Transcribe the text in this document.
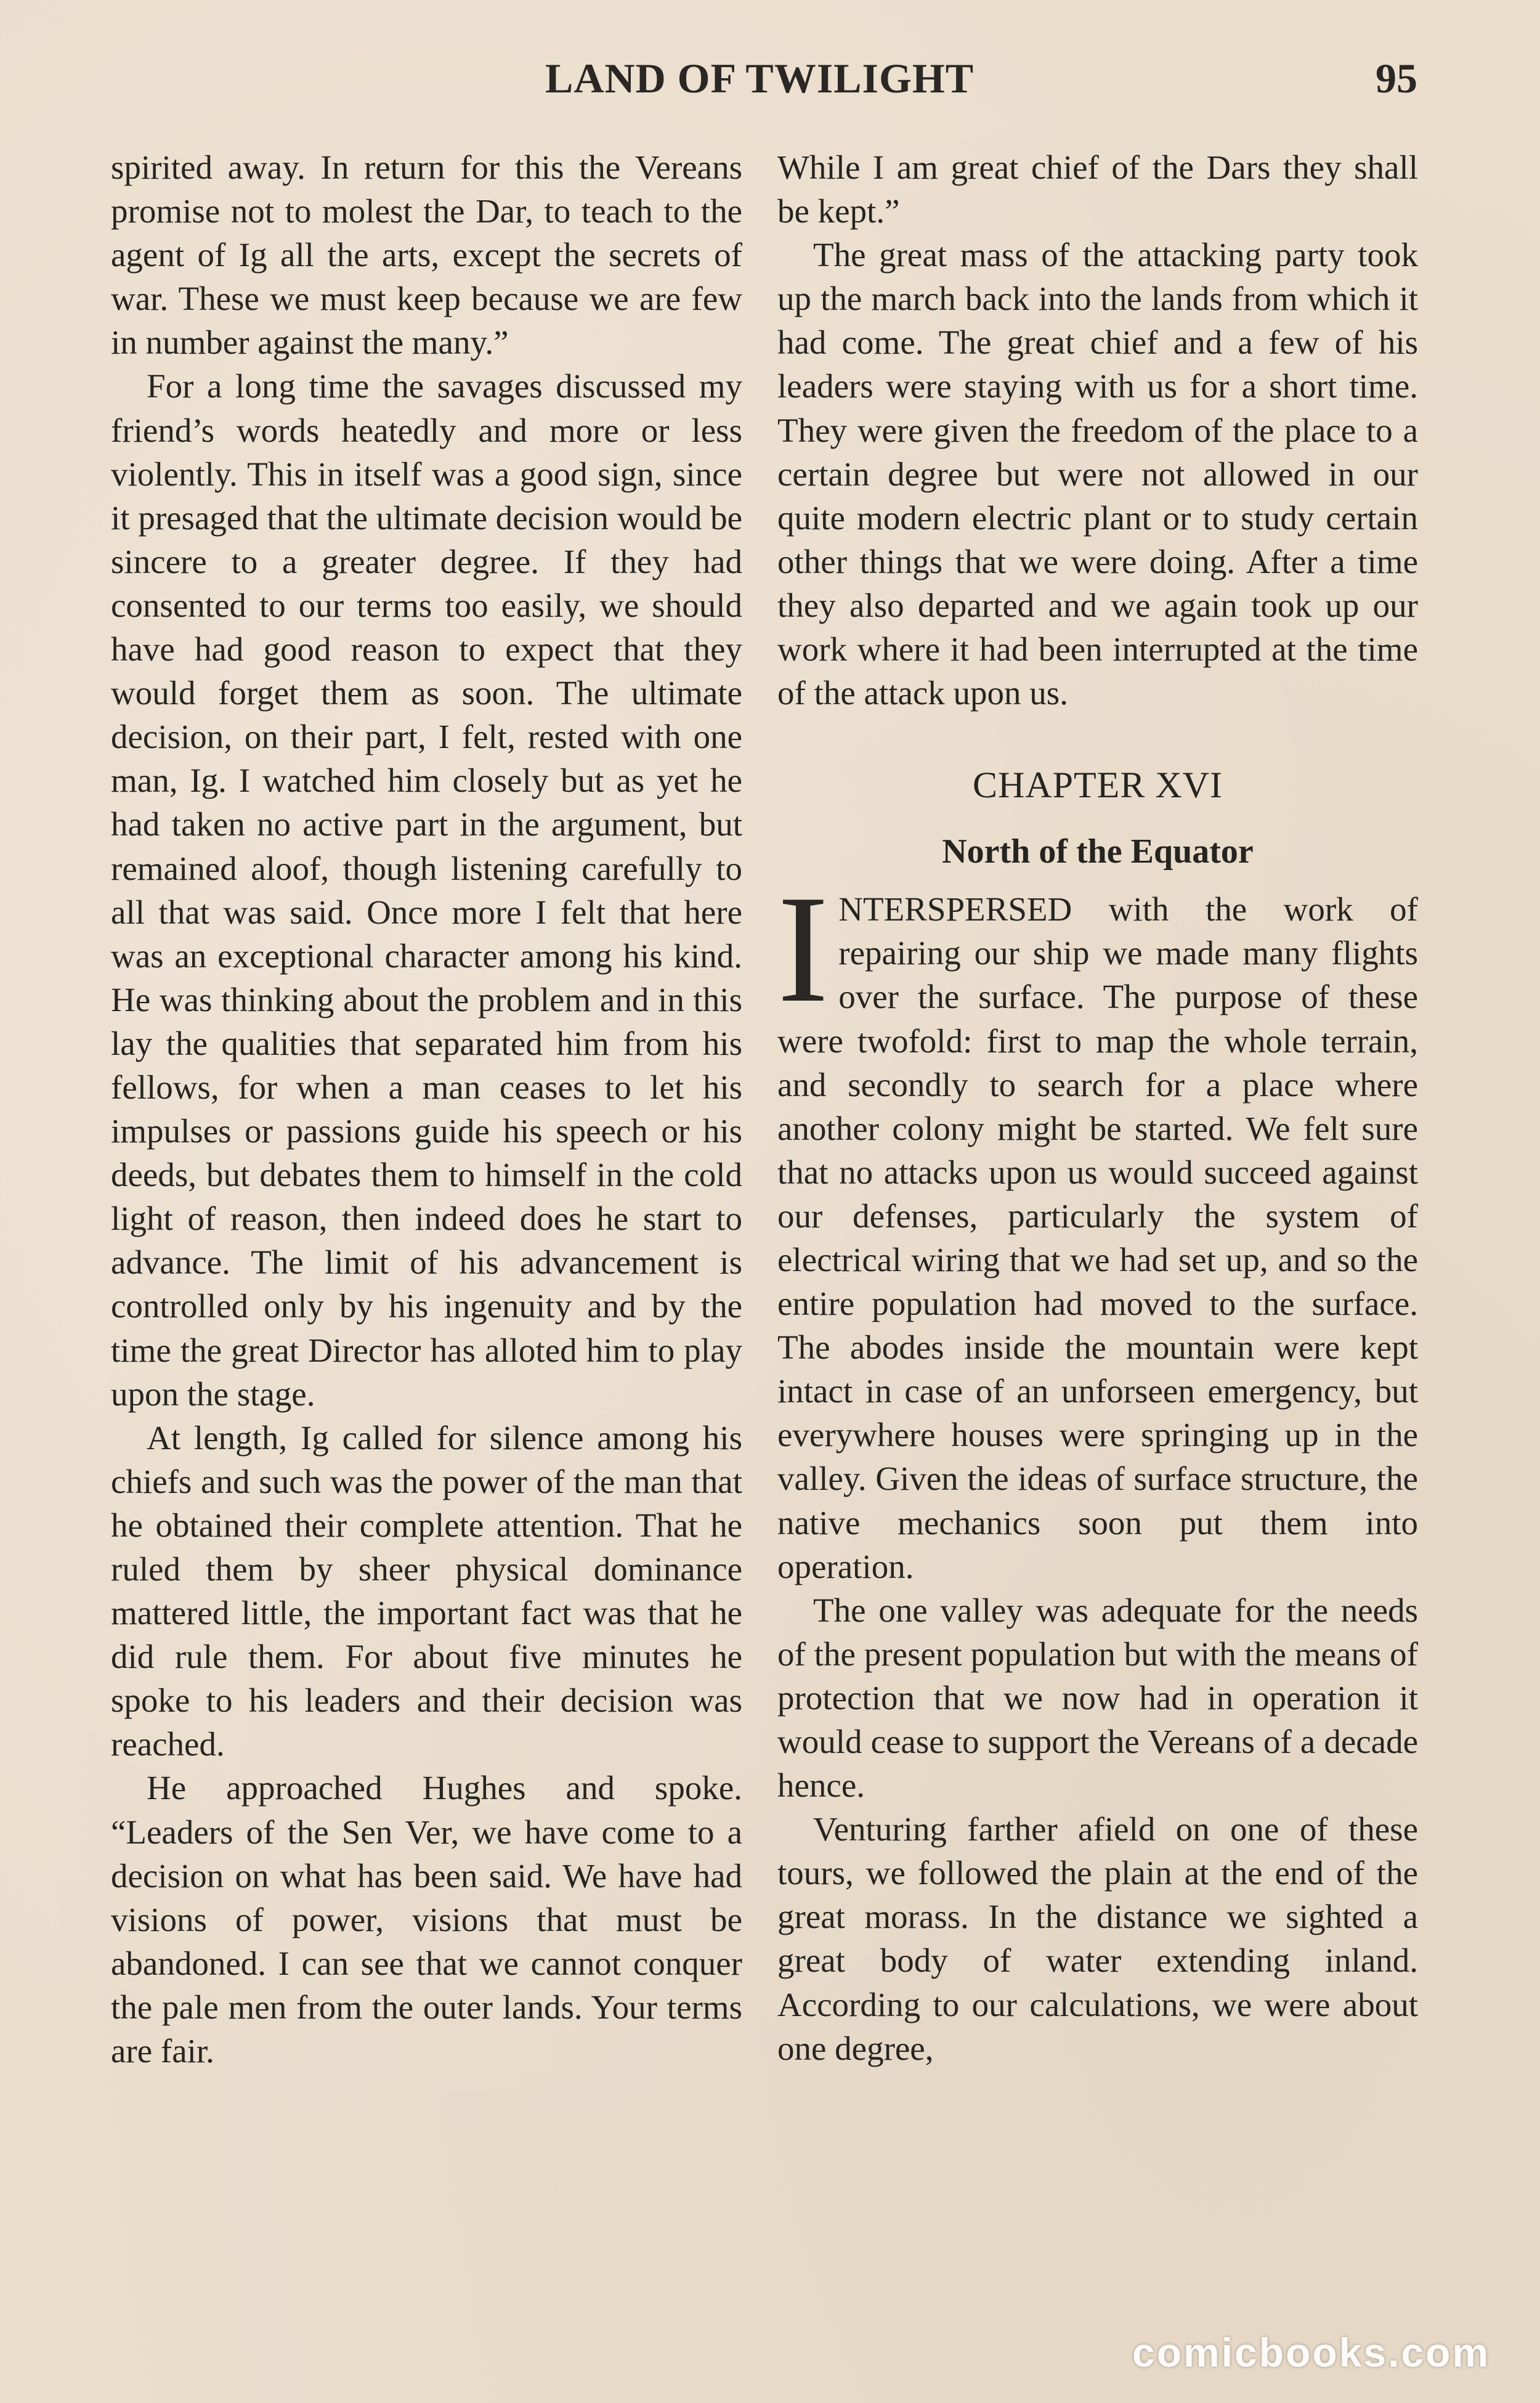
LAND OF TWILIGHT	95

spirited away. In return for this the Vereans promise not to molest the Dar, to teach to the agent of Ig all the arts, except the secrets of war. These we must keep because we are few in number against the many.”

For a long time the savages discussed my friend’s words heatedly and more or less violently. This in itself was a good sign, since it presaged that the ultimate decision would be sincere to a greater degree. If they had consented to our terms too easily, we should have had good reason to expect that they would forget them as soon. The ultimate decision, on their part, I felt, rested with one man, Ig. I watched him closely but as yet he had taken no active part in the argument, but remained aloof, though listening carefully to all that was said. Once more I felt that here was an exceptional character among his kind. He was thinking about the problem and in this lay the qualities that separated him from his fellows, for when a man ceases to let his impulses or passions guide his speech or his deeds, but debates them to himself in the cold light of reason, then indeed does he start to advance. The limit of his advancement is controlled only by his ingenuity and by the time the great Director has alloted him to play upon the stage.

At length, Ig called for silence among his chiefs and such was the power of the man that he obtained their complete attention. That he ruled them by sheer physical dominance mattered little, the important fact was that he did rule them. For about five minutes he spoke to his leaders and their decision was reached.

He approached Hughes and spoke. “Leaders of the Sen Ver, we have come to a decision on what has been said. We have had visions of power, visions that must be abandoned. I can see that we cannot conquer the pale men from the outer lands. Your terms are fair.

While I am great chief of the Dars they shall be kept.”

The great mass of the attacking party took up the march back into the lands from which it had come. The great chief and a few of his leaders were staying with us for a short time. They were given the freedom of the place to a certain degree but were not allowed in our quite modern electric plant or to study certain other things that we were doing. After a time they also departed and we again took up our work where it had been interrupted at the time of the attack upon us.

CHAPTER XVI
North of the Equator

INTERSPERSED with the work of repairing our ship we made many flights over the surface. The purpose of these were twofold: first to map the whole terrain, and secondly to search for a place where another colony might be started. We felt sure that no attacks upon us would succeed against our defenses, particularly the system of electrical wiring that we had set up, and so the entire population had moved to the surface. The abodes inside the mountain were kept intact in case of an unforseen emergency, but everywhere houses were springing up in the valley. Given the ideas of surface structure, the native mechanics soon put them into operation.

The one valley was adequate for the needs of the present population but with the means of protection that we now had in operation it would cease to support the Vereans of a decade hence.

Venturing farther afield on one of these tours, we followed the plain at the end of the great morass. In the distance we sighted a great body of water extending inland. According to our calculations, we were about one degree,

comicbooks.com
